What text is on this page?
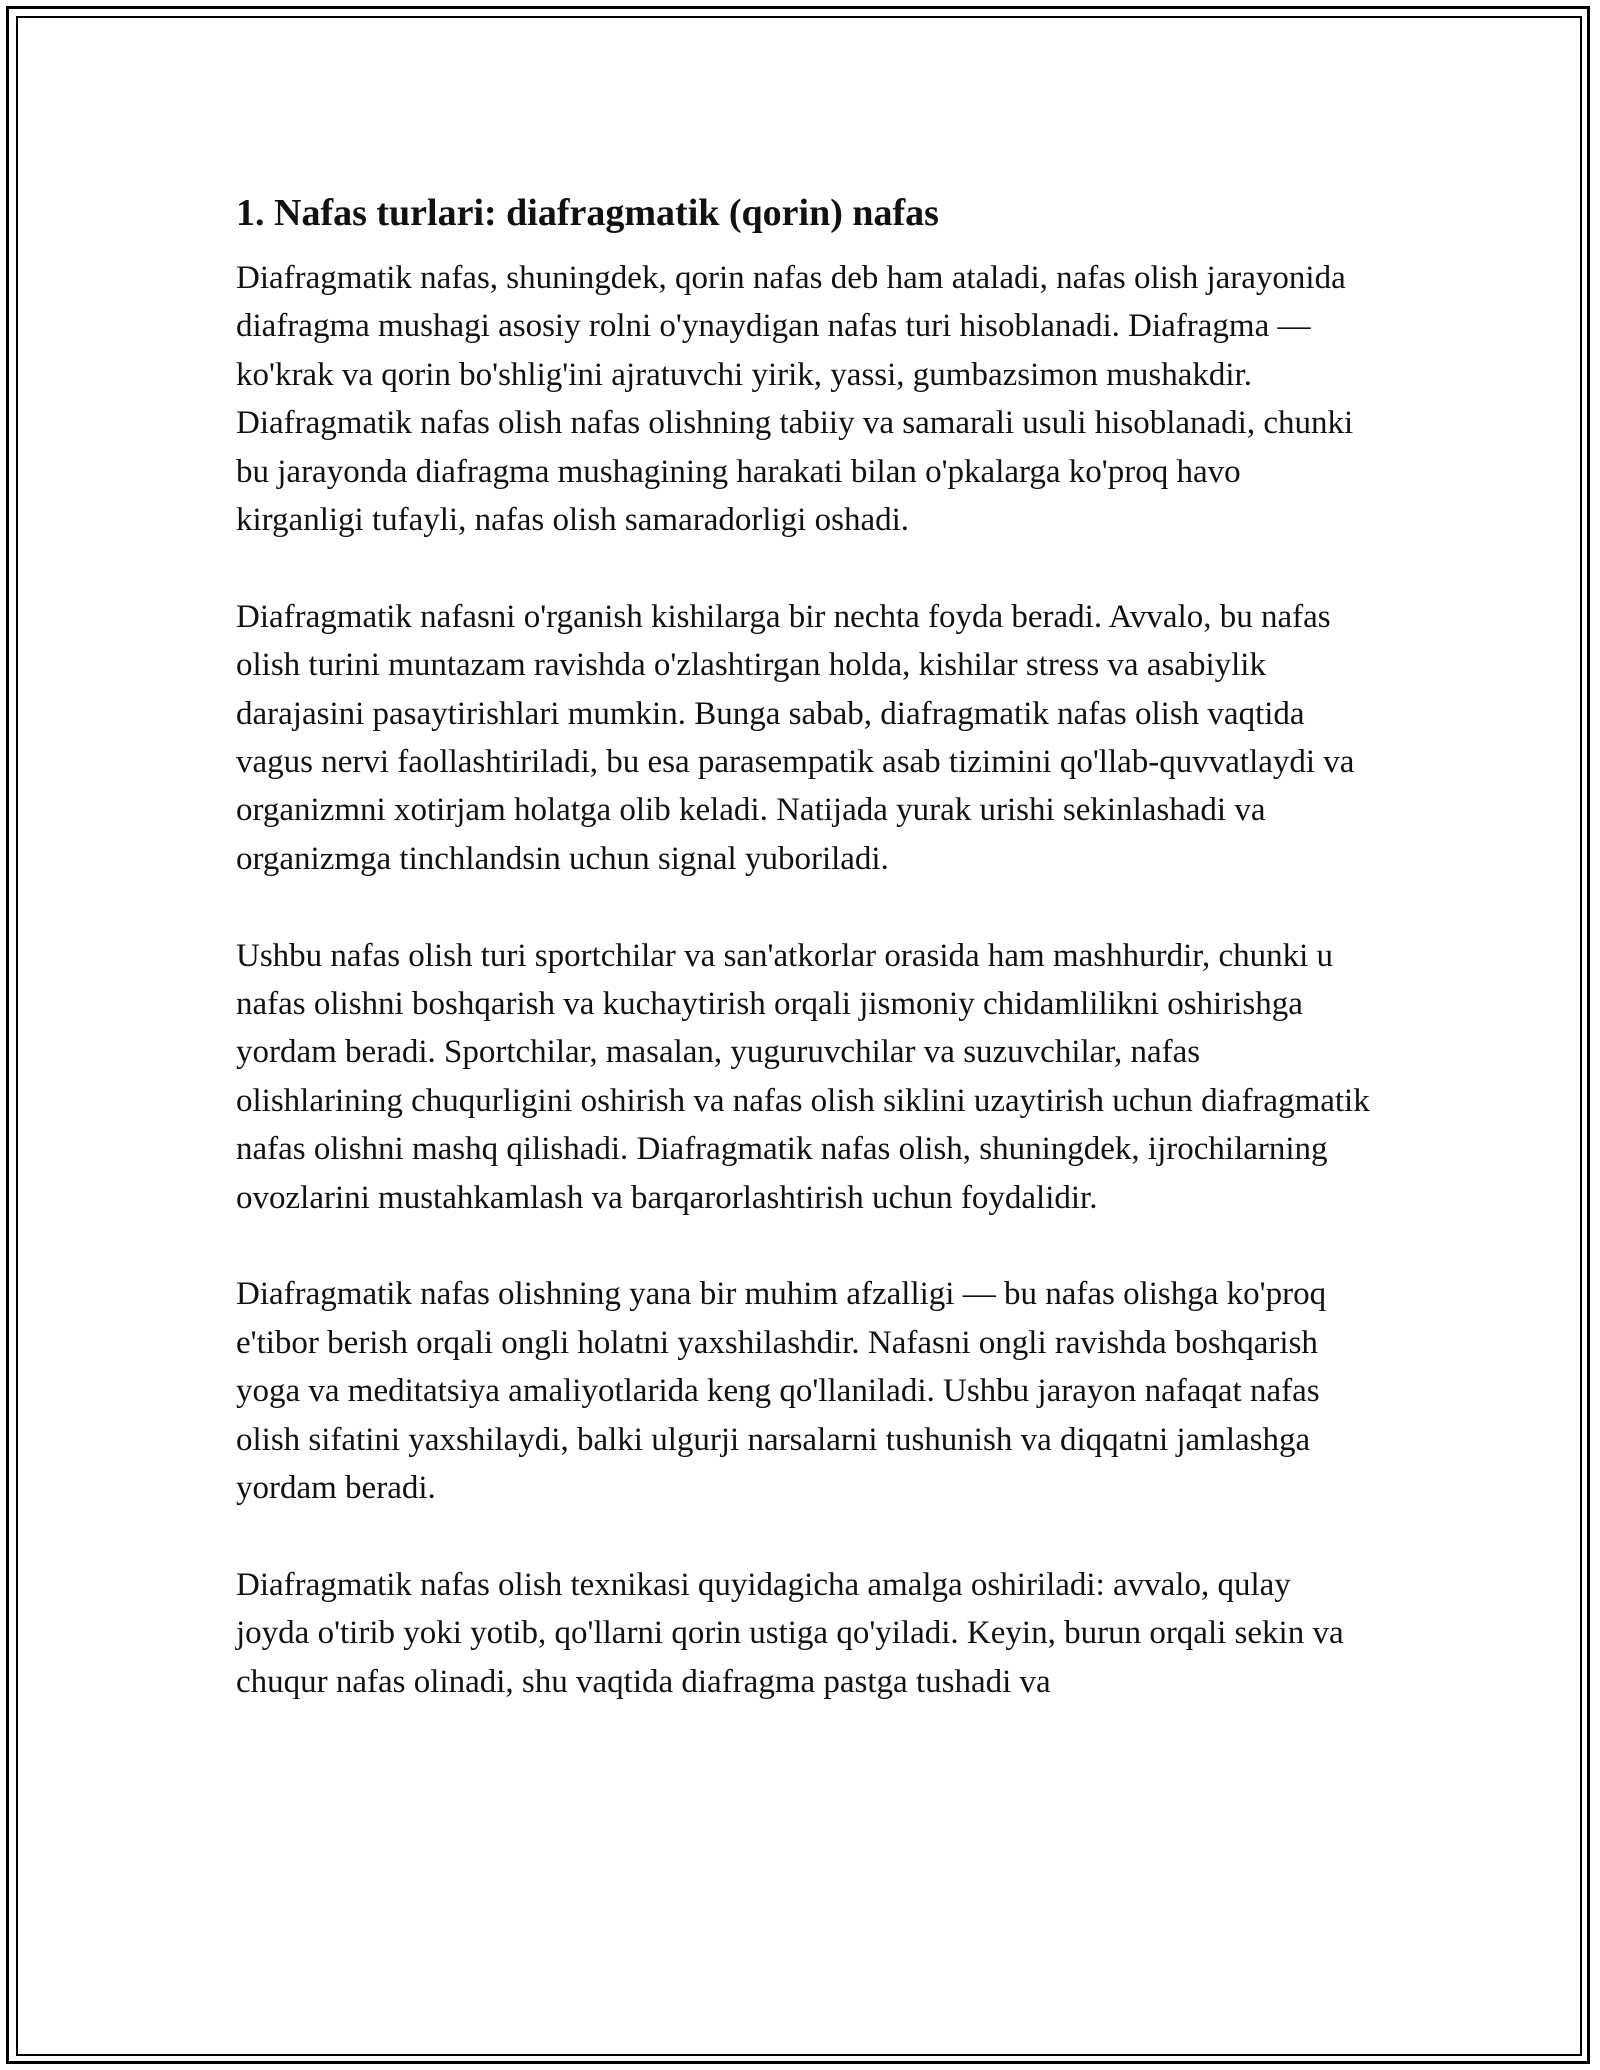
1. Nafas turlari: diafragmatik (qorin) nafas

Diafragmatik nafas, shuningdek, qorin nafas deb ham ataladi, nafas olish jarayonida diafragma mushagi asosiy rolni o'ynaydigan nafas turi hisoblanadi. Diafragma — ko'krak va qorin bo'shlig'ini ajratuvchi yirik, yassi, gumbazsimon mushakdir. Diafragmatik nafas olish nafas olishning tabiiy va samarali usuli hisoblanadi, chunki bu jarayonda diafragma mushagining harakati bilan o'pkalarga ko'proq havo kirganligi tufayli, nafas olish samaradorligi oshadi.

Diafragmatik nafasni o'rganish kishilarga bir nechta foyda beradi. Avvalo, bu nafas olish turini muntazam ravishda o'zlashtirgan holda, kishilar stress va asabiylik darajasini pasaytirishlari mumkin. Bunga sabab, diafragmatik nafas olish vaqtida vagus nervi faollashtiriladi, bu esa parasempatik asab tizimini qo'llab-quvvatlaydi va organizmni xotirjam holatga olib keladi. Natijada yurak urishi sekinlashadi va organizmga tinchlandsin uchun signal yuboriladi.

Ushbu nafas olish turi sportchilar va san'atkorlar orasida ham mashhurdir, chunki u nafas olishni boshqarish va kuchaytirish orqali jismoniy chidamlilikni oshirishga yordam beradi. Sportchilar, masalan, yuguruvchilar va suzuvchilar, nafas olishlarining chuqurligini oshirish va nafas olish siklini uzaytirish uchun diafragmatik nafas olishni mashq qilishadi. Diafragmatik nafas olish, shuningdek, ijrochilarning ovozlarini mustahkamlash va barqarorlashtirish uchun foydalidir.

Diafragmatik nafas olishning yana bir muhim afzalligi — bu nafas olishga ko'proq e'tibor berish orqali ongli holatni yaxshilashdir. Nafasni ongli ravishda boshqarish yoga va meditatsiya amaliyotlarida keng qo'llaniladi. Ushbu jarayon nafaqat nafas olish sifatini yaxshilaydi, balki ulgurji narsalarni tushunish va diqqatni jamlashga yordam beradi.

Diafragmatik nafas olish texnikasi quyidagicha amalga oshiriladi: avvalo, qulay joyda o'tirib yoki yotib, qo'llarni qorin ustiga qo'yiladi. Keyin, burun orqali sekin va chuqur nafas olinadi, shu vaqtida diafragma pastga tushadi va
